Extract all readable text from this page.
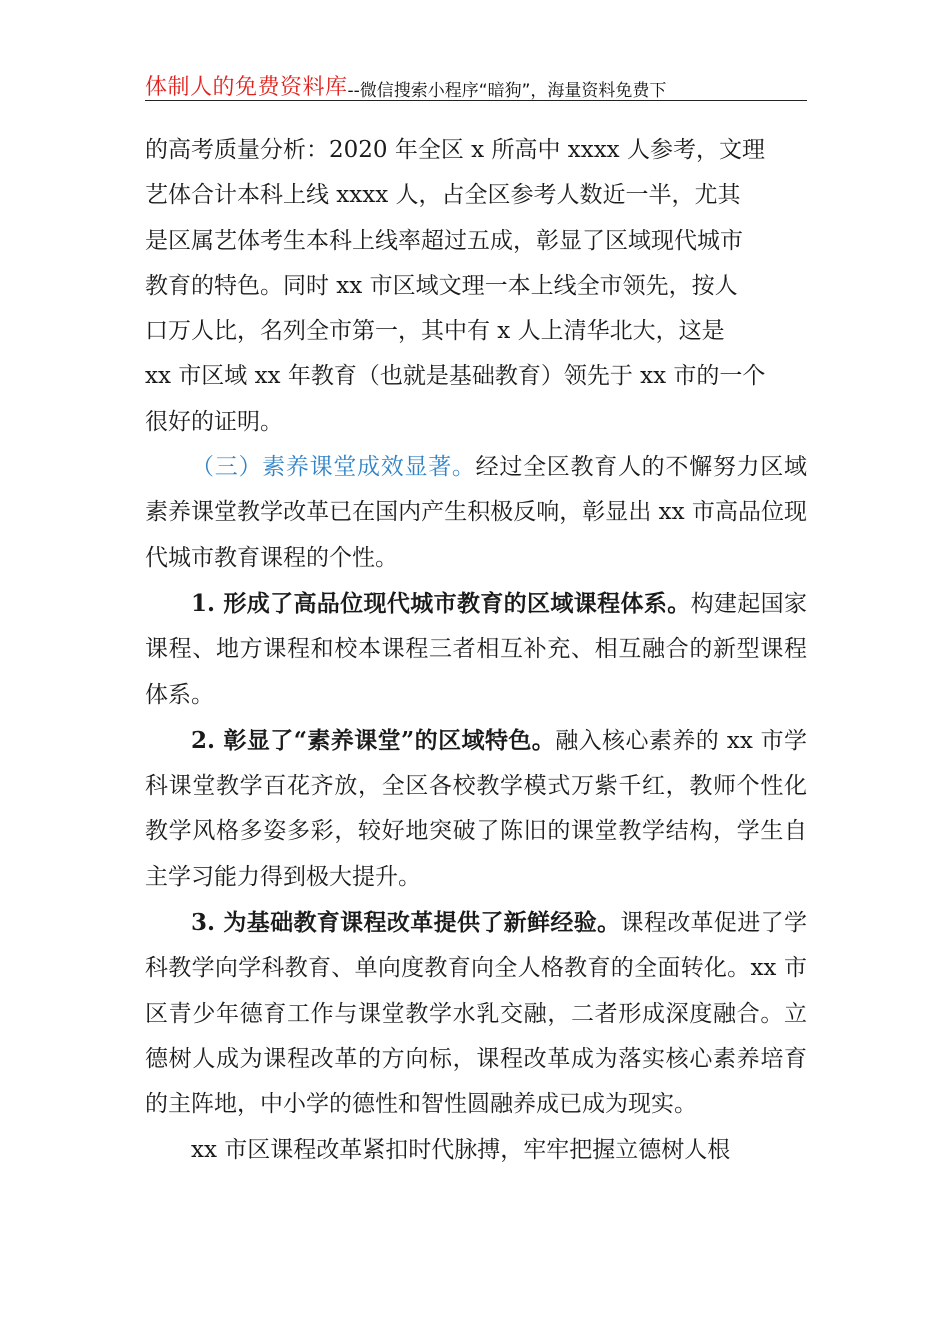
体制人的免费资料库--微信搜索小程序“暗狗”，海量资料免费下

的高考质量分析：2020 年全区 x 所高中 xxxx 人参考，文理
艺体合计本科上线 xxxx 人，占全区参考人数近一半，尤其
是区属艺体考生本科上线率超过五成，彰显了区域现代城市
教育的特色。同时 xx 市区域文理一本上线全市领先，按人
口万人比，名列全市第一，其中有 x 人上清华北大，这是
xx 市区域 xx 年教育（也就是基础教育）领先于 xx 市的一个
很好的证明。

（三）素养课堂成效显著。经过全区教育人的不懈努力区域素养课堂教学改革已在国内产生积极反响，彰显出 xx 市高品位现代城市教育课程的个性。

1. 形成了高品位现代城市教育的区域课程体系。构建起国家课程、地方课程和校本课程三者相互补充、相互融合的新型课程体系。

2. 彰显了“素养课堂”的区域特色。融入核心素养的 xx 市学科课堂教学百花齐放，全区各校教学模式万紫千红，教师个性化教学风格多姿多彩，较好地突破了陈旧的课堂教学结构，学生自主学习能力得到极大提升。

3. 为基础教育课程改革提供了新鲜经验。课程改革促进了学科教学向学科教育、单向度教育向全人格教育的全面转化。xx 市区青少年德育工作与课堂教学水乳交融，二者形成深度融合。立德树人成为课程改革的方向标，课程改革成为落实核心素养培育的主阵地，中小学的德性和智性圆融养成已成为现实。

xx 市区课程改革紧扣时代脉搏，牢牢把握立德树人根
